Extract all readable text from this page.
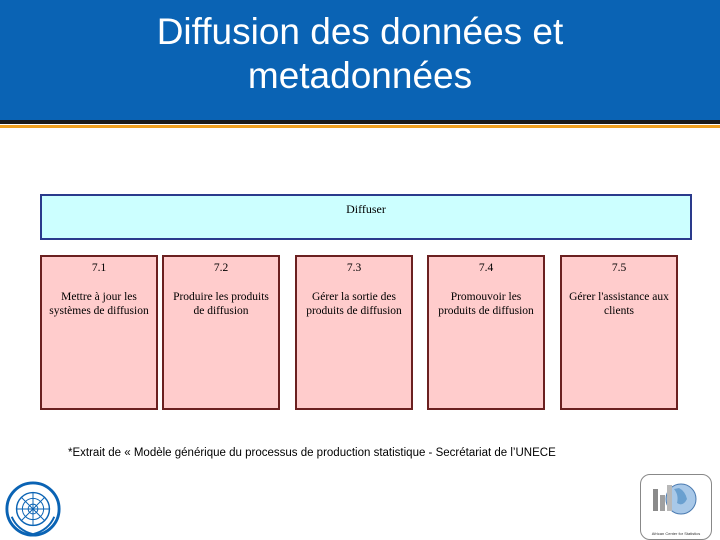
Diffusion des données et
metadonnées
Diffuser
7.1
Mettre à jour les systèmes de diffusion
7.2
Produire les produits de diffusion
7.3
Gérer la sortie des produits de diffusion
7.4
Promouvoir les produits de diffusion
7.5
Gérer l'assistance aux clients
*Extrait de « Modèle générique du processus de production statistique - Secrétariat de l’UNECE
African Center for Statistics
